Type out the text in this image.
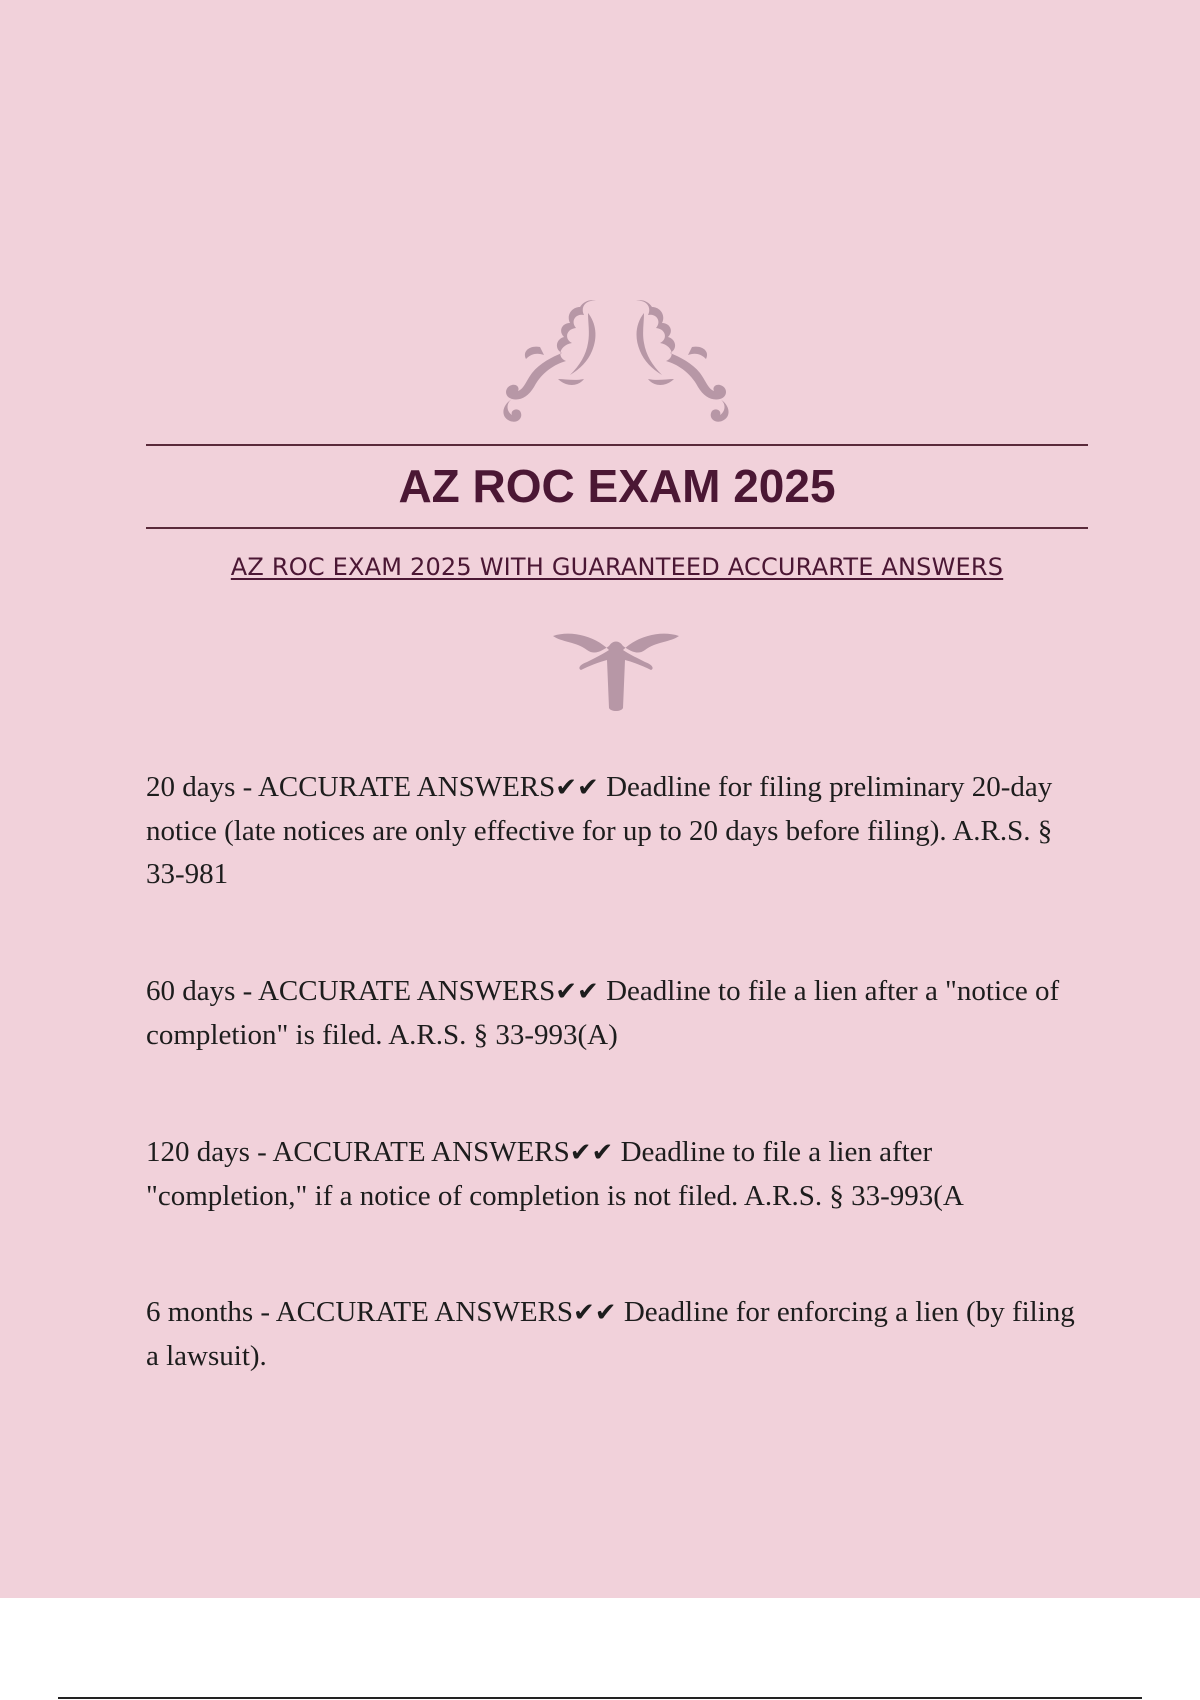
AZ ROC EXAM 2025
AZ ROC EXAM 2025 WITH GUARANTEED ACCURARTE ANSWERS

20 days - ACCURATE ANSWERS✔✔ Deadline for filing preliminary 20-day notice (late notices are only effective for up to 20 days before filing). A.R.S. § 33-981

60 days - ACCURATE ANSWERS✔✔ Deadline to file a lien after a "notice of completion" is filed. A.R.S. § 33-993(A)

120 days - ACCURATE ANSWERS✔✔ Deadline to file a lien after "completion," if a notice of completion is not filed. A.R.S. § 33-993(A

6 months - ACCURATE ANSWERS✔✔ Deadline for enforcing a lien (by filing a lawsuit).
